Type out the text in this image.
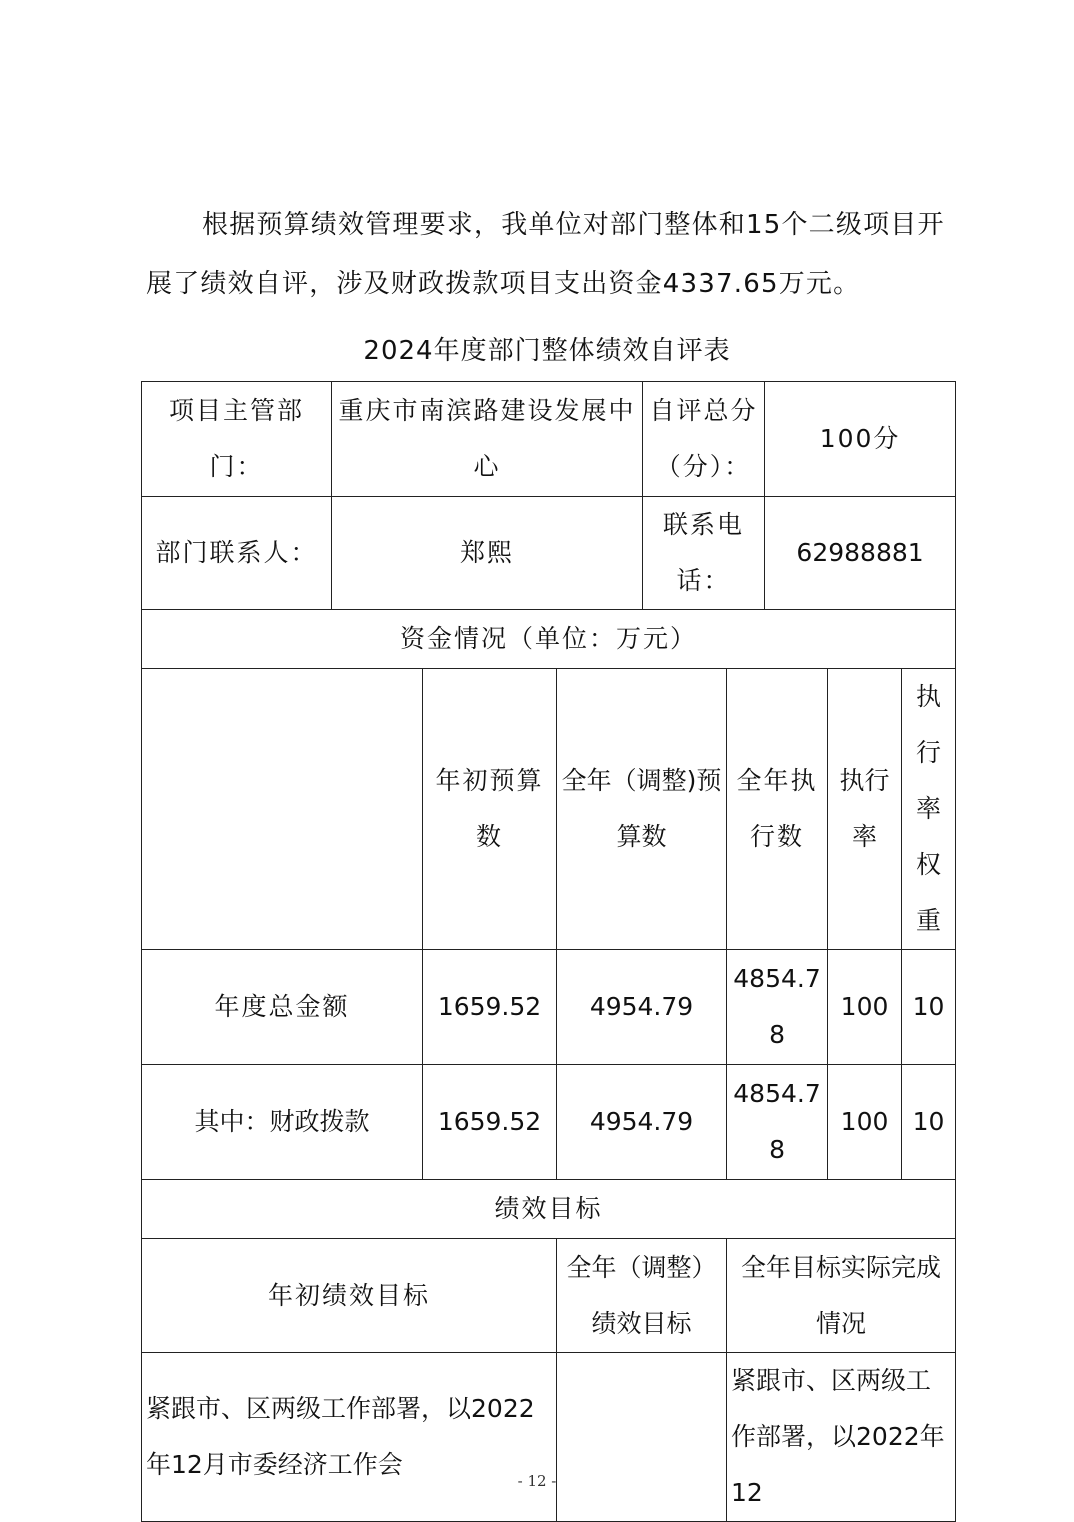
根据预算绩效管理要求，我单位对部门整体和15个二级项目开展了绩效自评，涉及财政拨款项目支出资金4337.65万元。

2024年度部门整体绩效自评表

项目主管部门：	重庆市南滨路建设发展中心			自评总分（分）：		100分			
部门联系人：	郑熙			联系电话：		62988881			
资金情况（单位：万元）									
		年初预算数	全年（调整)预算数		全年执行数		执行率	执行率权重	
年度总金额		1659.52	4954.79		4854.78		100	10	
其中：财政拨款		1659.52	4954.79		4854.78		100	10	
绩效目标									
年初绩效目标			全年（调整）绩效目标		全年目标实际完成情况				
紧跟市、区两级工作部署，以2022年12月市委经济工作会					紧跟市、区两级工作部署，以2022年12				
- 12 -
